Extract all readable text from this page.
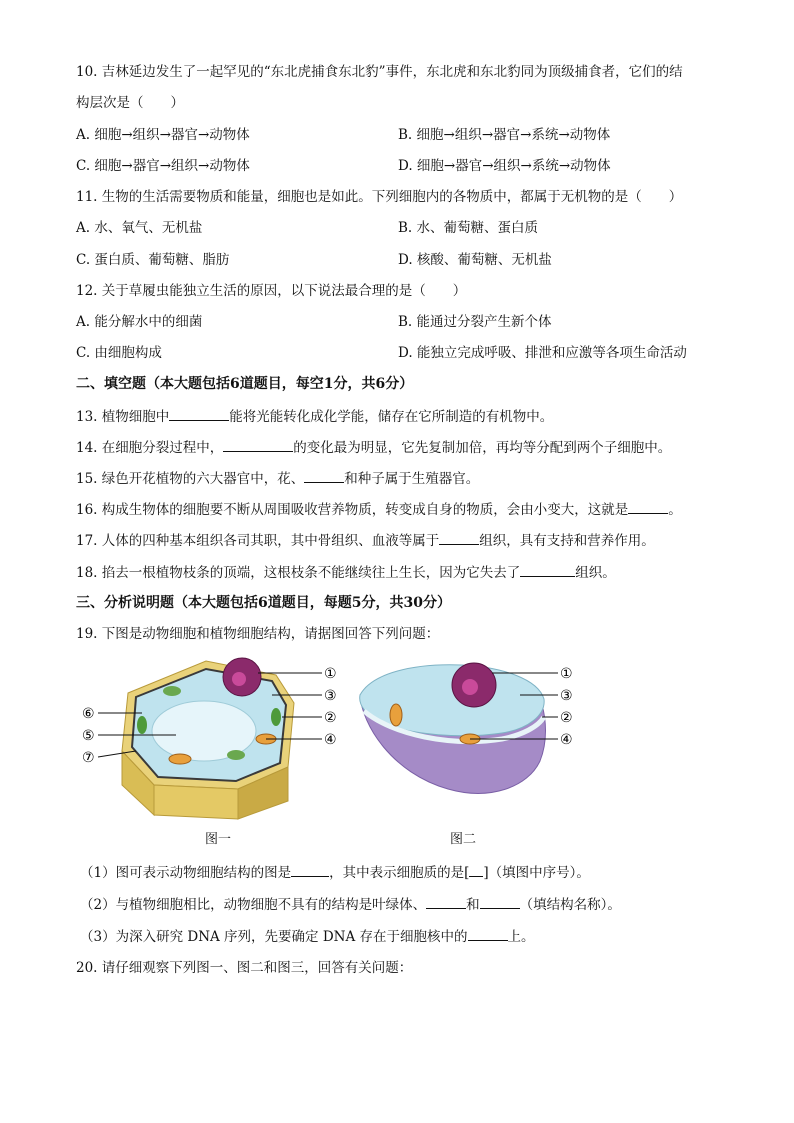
10. 吉林延边发生了一起罕见的“东北虎捕食东北豹”事件，东北虎和东北豹同为顶级捕食者，它们的结
构层次是（　　）
A. 细胞→组织→器官→动物体	B. 细胞→组织→器官→系统→动物体
C. 细胞→器官→组织→动物体	D. 细胞→器官→组织→系统→动物体
11. 生物的生活需要物质和能量，细胞也是如此。下列细胞内的各物质中，都属于无机物的是（　　）
A. 水、氧气、无机盐	B. 水、葡萄糖、蛋白质
C. 蛋白质、葡萄糖、脂肪	D. 核酸、葡萄糖、无机盐
12. 关于草履虫能独立生活的原因，以下说法最合理的是（　　）
A. 能分解水中的细菌	B. 能通过分裂产生新个体
C. 由细胞构成	D. 能独立完成呼吸、排泄和应激等各项生命活动
二、填空题（本大题包括6道题目，每空1分，共6分）
13. 植物细胞中	能将光能转化成化学能，储存在它所制造的有机物中。
14. 在细胞分裂过程中，	的变化最为明显，它先复制加倍，再均等分配到两个子细胞中。
15. 绿色开花植物的六大器官中，花、	和种子属于生殖器官。
16. 构成生物体的细胞要不断从周围吸收营养物质，转变成自身的物质，会由小变大，这就是	。
17. 人体的四种基本组织各司其职，其中骨组织、血液等属于	组织，具有支持和营养作用。
18. 掐去一根植物枝条的顶端，这根枝条不能继续往上生长，因为它失去了	组织。
三、分析说明题（本大题包括6道题目，每题5分，共30分）
19. 下图是动物细胞和植物细胞结构，请据图回答下列问题：
①
③
②
④
⑥
⑤
⑦
①
③
②
④
图一	图二
（1）图可表示动物细胞结构的图是	，其中表示细胞质的是[ ]（填图中序号）。
（2）与植物细胞相比，动物细胞不具有的结构是叶绿体、	和	（填结构名称）。
（3）为深入研究 DNA 序列，先要确定 DNA 存在于细胞核中的	上。
20. 请仔细观察下列图一、图二和图三，回答有关问题：
